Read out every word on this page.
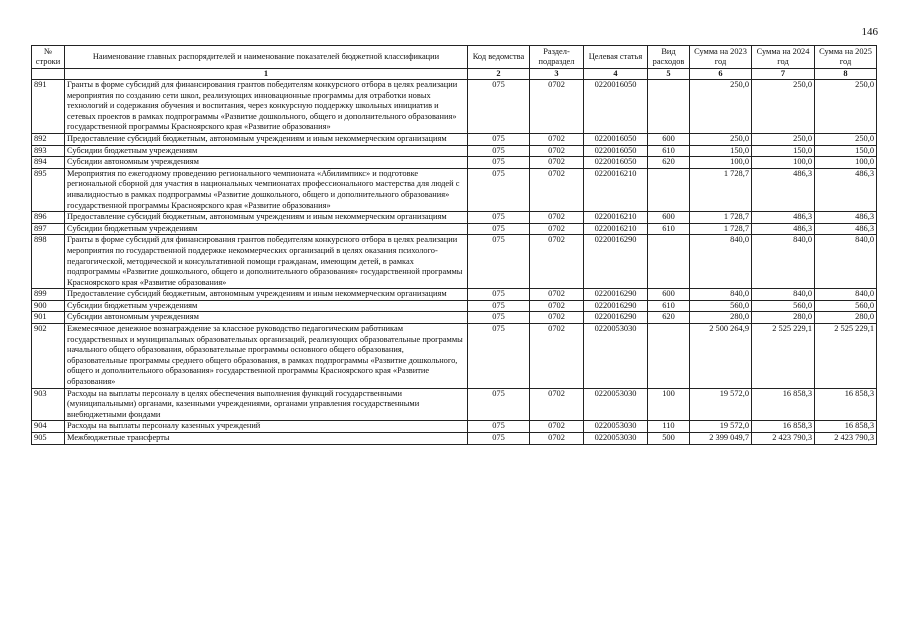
146
№ строки	Наименование главных распорядителей и наименование показателей бюджетной классификации	Код ведомства	Раздел-подраздел	Целевая статья	Вид расходов	Сумма на 2023 год	Сумма на 2024 год	Сумма на 2025 год
	1	2	3	4	5	6	7	8
891	Гранты в форме субсидий для финансирования грантов победителям конкурсного отбора в целях реализации мероприятия по созданию сети школ, реализующих инновационные программы для отработки новых технологий и содержания обучения и воспитания, через конкурсную поддержку школьных инициатив и сетевых проектов в рамках подпрограммы «Развитие дошкольного, общего и дополнительного образования» государственной программы Красноярского края «Развитие образования»	075	0702	0220016050		250,0	250,0	250,0
892	Предоставление субсидий бюджетным, автономным учреждениям и иным некоммерческим организациям	075	0702	0220016050	600	250,0	250,0	250,0
893	Субсидии бюджетным учреждениям	075	0702	0220016050	610	150,0	150,0	150,0
894	Субсидии автономным учреждениям	075	0702	0220016050	620	100,0	100,0	100,0
895	Мероприятия по ежегодному проведению регионального чемпионата «Абилимпикс» и подготовке региональной сборной для участия в национальных чемпионатах профессионального мастерства для людей с инвалидностью в рамках подпрограммы «Развитие дошкольного, общего и дополнительного образования» государственной программы Красноярского края «Развитие образования»	075	0702	0220016210		1 728,7	486,3	486,3
896	Предоставление субсидий бюджетным, автономным учреждениям и иным некоммерческим организациям	075	0702	0220016210	600	1 728,7	486,3	486,3
897	Субсидии бюджетным учреждениям	075	0702	0220016210	610	1 728,7	486,3	486,3
898	Гранты в форме субсидий для финансирования грантов победителям конкурсного отбора в целях реализации мероприятия по государственной поддержке некоммерческих организаций в целях оказания психолого-педагогической, методической и консультативной помощи гражданам, имеющим детей, в рамках подпрограммы «Развитие дошкольного, общего и дополнительного образования» государственной программы Красноярского края «Развитие образования»	075	0702	0220016290		840,0	840,0	840,0
899	Предоставление субсидий бюджетным, автономным учреждениям и иным некоммерческим организациям	075	0702	0220016290	600	840,0	840,0	840,0
900	Субсидии бюджетным учреждениям	075	0702	0220016290	610	560,0	560,0	560,0
901	Субсидии автономным учреждениям	075	0702	0220016290	620	280,0	280,0	280,0
902	Ежемесячное денежное вознаграждение за классное руководство педагогическим работникам государственных и муниципальных образовательных организаций, реализующих образовательные программы начального общего образования, образовательные программы основного общего образования, образовательные программы среднего общего образования, в рамках подпрограммы «Развитие дошкольного, общего и дополнительного образования» государственной программы Красноярского края «Развитие образования»	075	0702	0220053030		2 500 264,9	2 525 229,1	2 525 229,1
903	Расходы на выплаты персоналу в целях обеспечения выполнения функций государственными (муниципальными) органами, казенными учреждениями, органами управления государственными внебюджетными фондами	075	0702	0220053030	100	19 572,0	16 858,3	16 858,3
904	Расходы на выплаты персоналу казенных учреждений	075	0702	0220053030	110	19 572,0	16 858,3	16 858,3
905	Межбюджетные трансферты	075	0702	0220053030	500	2 399 049,7	2 423 790,3	2 423 790,3
